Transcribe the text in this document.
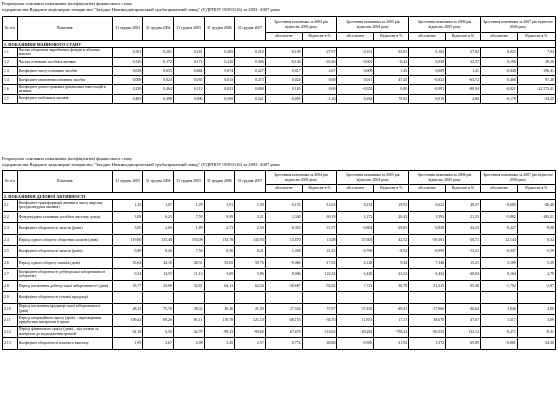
Розрахунок основних показників (коефіцієнтів) фінансового стану
підприємства Відкрите акціонерне товариство "Західне Нижньодніпровський трубопрокатний завод" (ЄДРПОУ 05393116) за 2003 -2007 роки
№ п/п	Показник	31 грудня 2003	31 грудня 2004	31 грудня 2005	31 грудня 2006	31 грудня 2007	Зростання показника за 2004 рік відносно 2003 року		Зростання показника за 2005 рік відносно 2004 року		Зростання показника за 2006 рік відносно 2005 року		Зростання показника за 2007 рік відносно 2006 року	
							абсолютне	Відносне в %	абсолютне	Відносне в %	абсолютне	Відносне в %	абсолютне	Відносне в %
1. ПОКАЗНИКИ МАЙНОВОГО СТАНУ														
1.1	Частка оборотних виробничих фондів в обігових коштах	0,391	0,281	0,181	0,285	0,310	-0,109	-27,97	-0,101	-35,81	0,104	57,82	0,025	7,94
1.2	Частка основних засобів в активах	0,316	0,172	0,171	0,210	0,406	-0,144	-45,46	-0,001	-0,42	0,038	22,37	0,196	48,30
1.3	Коефіцієнт зносу основних засобів	0,638	0,655	0,664	0,674	0,227	0,017	2,67	0,009	1,43	0,009	1,41	-0,446	-196,41
1.4	Коефіцієнт оновлення основних засобів	0,008	0,024	0,035	0,013	0,473	0,024	0,00	0,011	47,45	-0,023	-63,72	0,460	97,28
1.6	Коефіцієнт довгострокових фінансових інвестицій в активах	0,239	0,464	0,112	0,031	0,000	0,165	0,00	-0,352	0,00	-0,091	-80,94	-0,021	-22 573,41
1.7	Коефіцієнт мобільних активів	0,493	0,398	0,690	0,569	0,521	-0,095	-1,20	0,282	70,92	0,019	2,80	-0,178	-34,25
Розрахунок основних показників (коефіцієнтів) фінансового стану
підприємства Відкрите акціонерне товариство "Західне Нижньодніпровський трубопрокатний завод" (ЄДРПОУ 05393116) за 2003 -2007 роки
№ п/п	Показник	31 грудня 2003	31 грудня 2004	31 грудня 2005	31 грудня 2006	31 грудня 2007	Зростання показника за 2004 рік відносно 2003 року		Зростання показника за 2005 рік відносно 2004 року		Зростання показника за 2006 рік відносно 2005 року		Зростання показника за 2007 рік відносно 2006 року	
							абсолютне	Відносне в %	абсолютне	Відносне в %	абсолютне	Відносне в %	абсолютне	Відносне в %
2. ПОКАЗНИКИ ДІЛОВОЇ АКТИВНОСТІ														
2.1	Коефіцієнт трансформації активів в чисту виручку (ресурсовіддача активів)	1,23	1,07	1,29	1,91	1,30	-0,155	-12,63	0,214	19,93	0,622	48,37	-0,605	-46,46
2.2	Фондовіддача основних засобів в чистому доході	3,89	6,23	7,50	9,09	3,21	2,340	60,19	1,272	20,43	1,593	21,25	-5,882	-183,21
2.3	Коефіцієнт оборотності запасів (разів)	3,05	2,69	1,89	2,73	2,50	-0,353	-11,57	-0,804	-29,83	0,838	44,33	-0,227	-9,08
2.4	Період одного обороту оборотних коштів (днів)	119,80	135,48	193,08	133,78	145,93	15,670	13,08	57,603	42,52	-59,301	-30,71	12,144	8,32
2.5	Коефіцієнт оборотності запасів (разів)	6,80	8,26	7,56	6,56	6,21	1,458	21,43	-0,706	-8,54	-0,999	-13,21	-0,347	-5,59
2.6	Період одного обороту запасів (днів)	53,64	44,18	48,31	55,65	58,76	-9,466	-17,65	4,128	9,34	7,346	15,21	3,109	5,29
2.7	Коефіцієнт оборотності дебіторської заборгованості (оборотів)	6,54	14,55	11,13	5,69	5,86	8,006	122,34	-3,426	-23,54	-5,434	-48,84	0,164	2,79
2.8	Період погашення дебітор-ської заборгованості (днів)	55,77	25,08	32,81	64,13	62,34	-30,687	-55,02	7,723	30,79	31,325	95,48	-1,792	-2,87
2.9	Коефіцієнт оборотності готової продукції													
2.10	Період погашення кредитор-ської заборгованості (днів)	48,23	75,76	38,32	30,46	21,50	27,526	57,07	37,435	-49,41	-17,866	-46,62	1,046	4,86
2.11	Період операційного циклу (днів) – перетворення придба-них матеріалів в гроші	109,42	69,26	81,11	119,78	121,10	-40,153	-36,70	11,851	17,11	38,670	47,67	1,317	3,09
2.12	Період фінансового циклу (днів) – від оплати за матеріали до надходження грошей	61,18	6,50	42,79	-99,33	-99,60	67,679	-110,62	-49,284	-758,22	-56,535	132,12	-0,271	-0,31
2.13	Коефіцієнт оборотності власного капіталу	1,89	2,67	2,08	3,45	2,57	0,774	40,86	-0,585	-21,94	1,372	65,89	-0,881	-34,30
